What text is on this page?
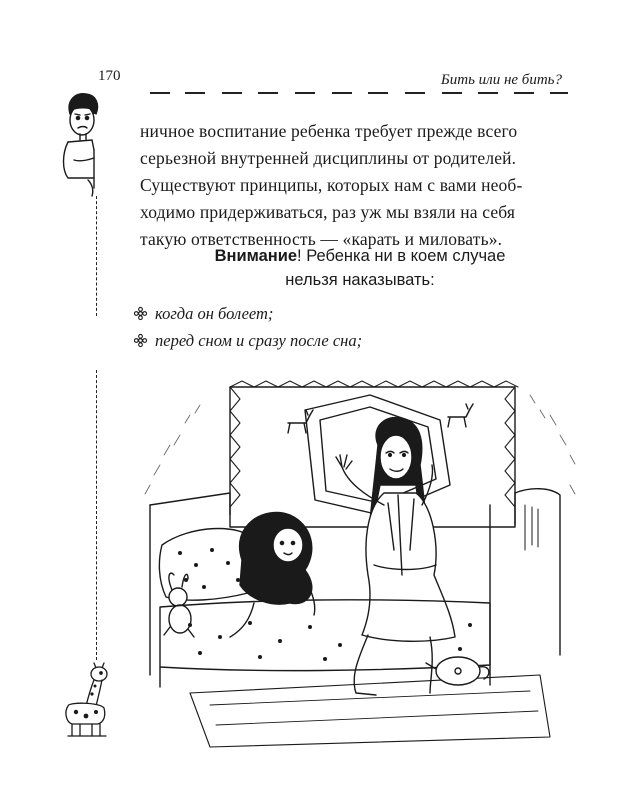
170	Бить или не бить?
ничное воспитание ребенка требует прежде всего
серьезной внутренней дисциплины от родителей.
Существуют принципы, которых нам с вами необ-
ходимо придерживаться, раз уж мы взяли на себя
такую ответственность — «карать и миловать».
Внимание! Ребенка ни в коем случае
нельзя наказывать:
когда он болеет;
перед сном и сразу после сна;
